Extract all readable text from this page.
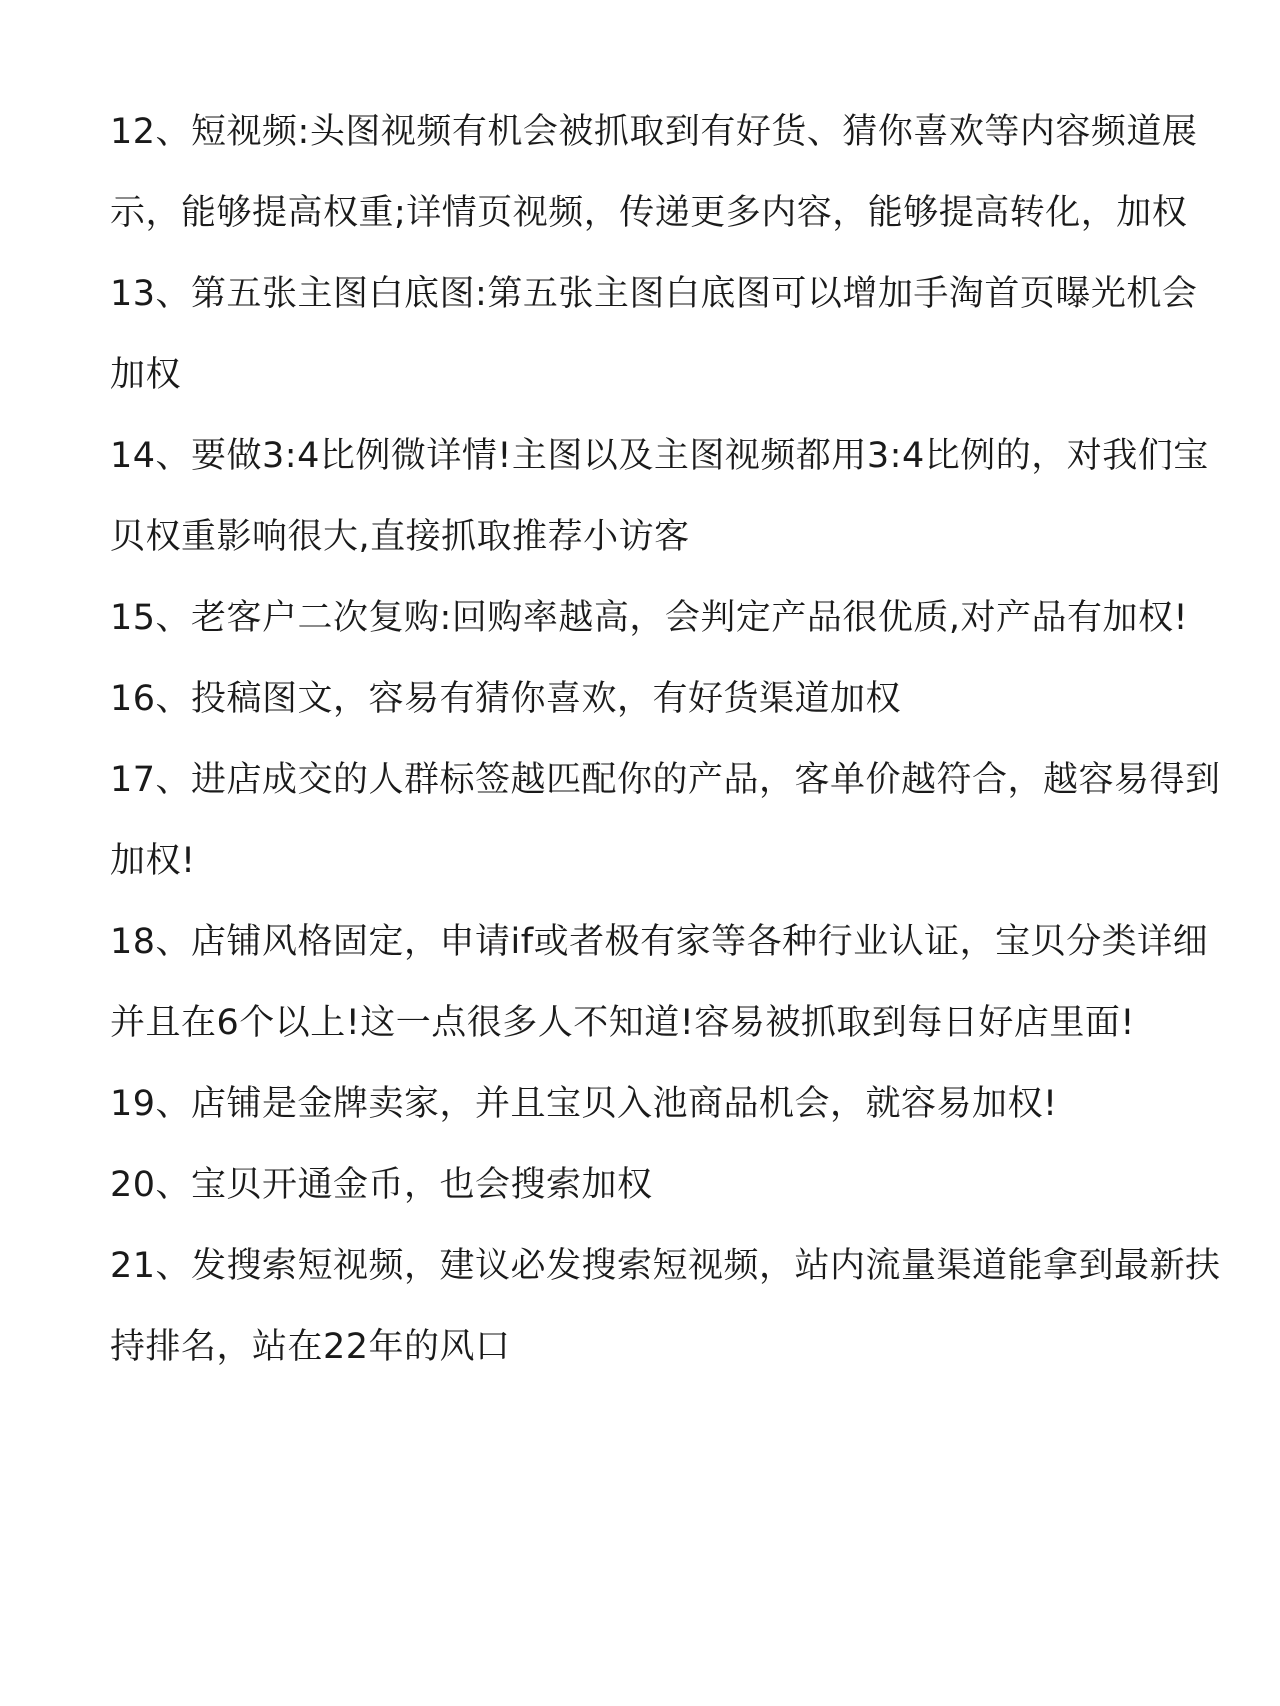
12、短视频:头图视频有机会被抓取到有好货、猜你喜欢等内容频道展
示，能够提高权重;详情页视频，传递更多内容，能够提高转化，加权
13、第五张主图白底图:第五张主图白底图可以增加手淘首页曝光机会
加权
14、要做3:4比例微详情!主图以及主图视频都用3:4比例的，对我们宝
贝权重影响很大,直接抓取推荐小访客
15、老客户二次复购:回购率越高，会判定产品很优质,对产品有加权!
16、投稿图文，容易有猜你喜欢，有好货渠道加权
17、进店成交的人群标签越匹配你的产品，客单价越符合，越容易得到
加权!
18、店铺风格固定，申请if或者极有家等各种行业认证，宝贝分类详细
并且在6个以上!这一点很多人不知道!容易被抓取到每日好店里面!
19、店铺是金牌卖家，并且宝贝入池商品机会，就容易加权!
20、宝贝开通金币，也会搜索加权
21、发搜索短视频，建议必发搜索短视频，站内流量渠道能拿到最新扶
持排名，站在22年的风口
